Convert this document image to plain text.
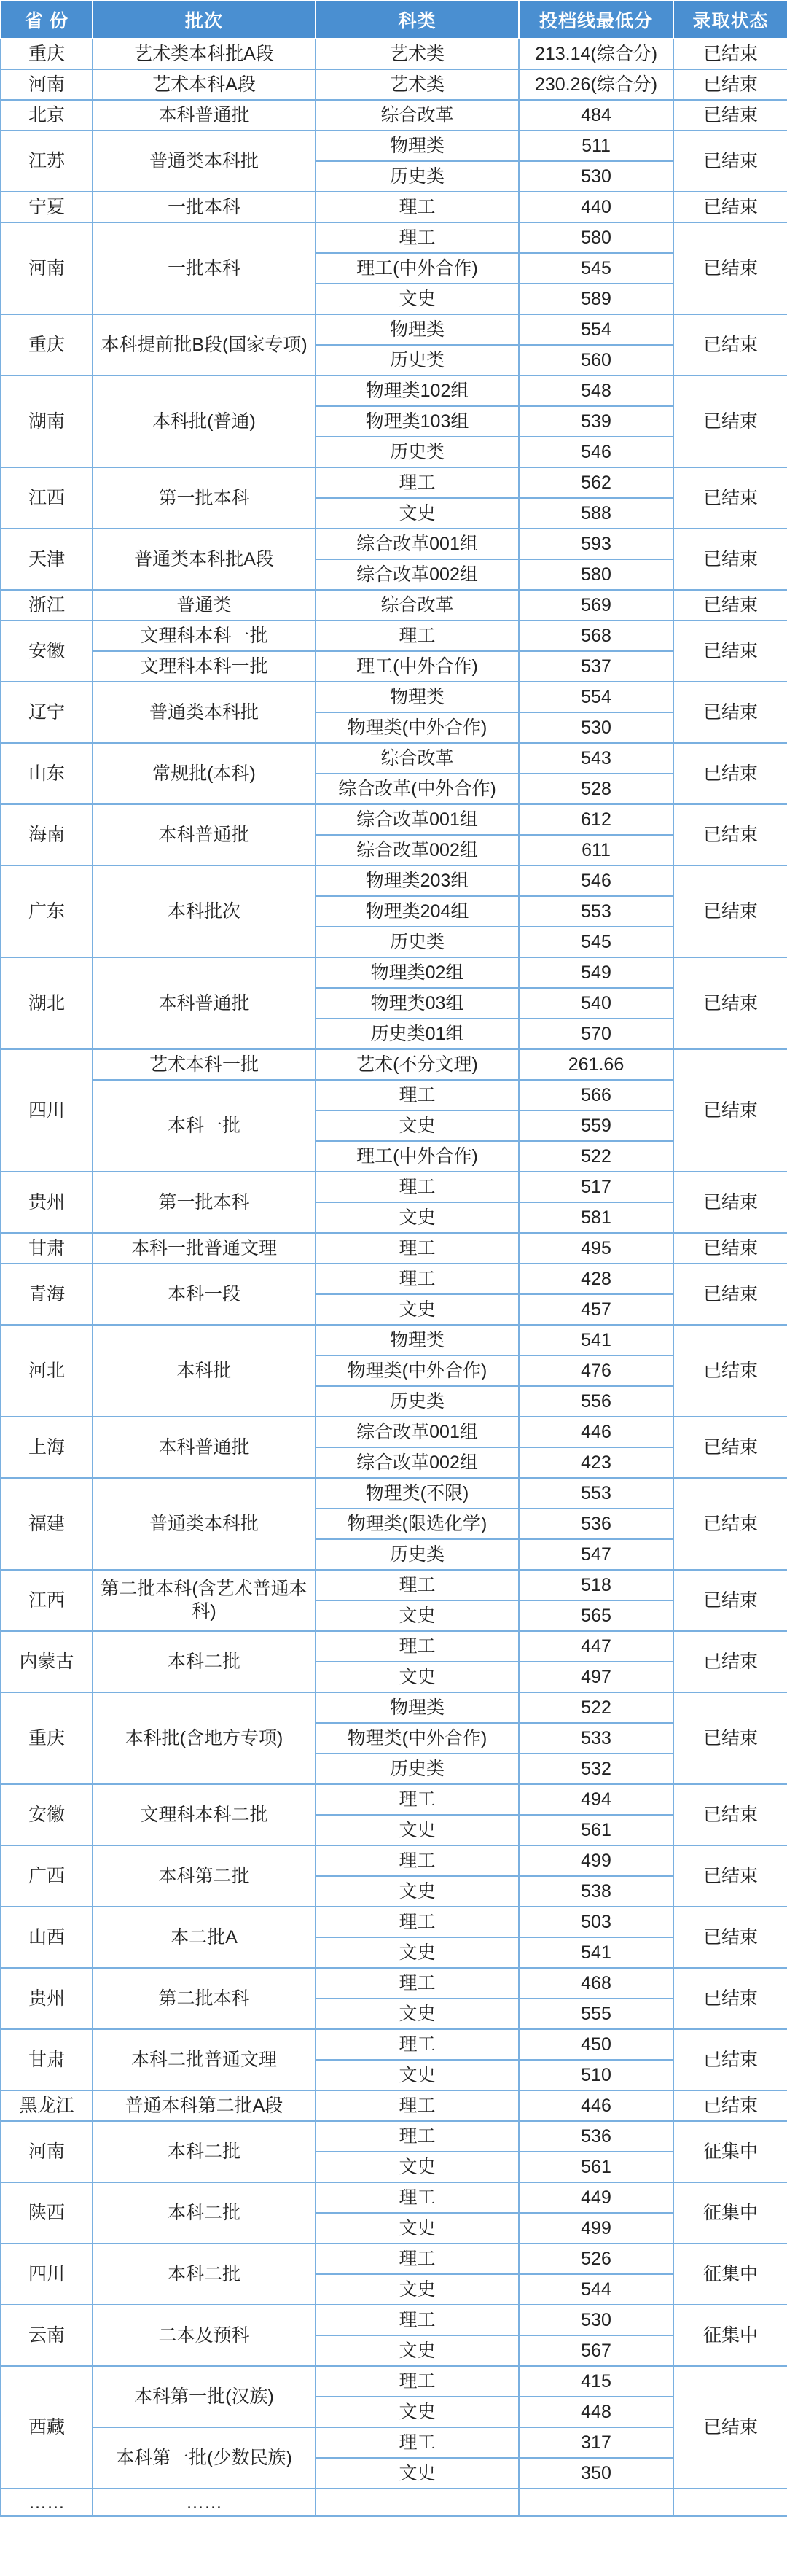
省 份	批次	科类	投档线最低分	录取状态
重庆	艺术类本科批A段	艺术类	213.14(综合分)	已结束
河南	艺术本科A段	艺术类	230.26(综合分)	已结束
北京	本科普通批	综合改革	484	已结束
江苏	普通类本科批	物理类	511	已结束
		历史类	530	
宁夏	一批本科	理工	440	已结束
河南	一批本科	理工	580	已结束
		理工(中外合作)	545	
		文史	589	
重庆	本科提前批B段(国家专项)	物理类	554	已结束
		历史类	560	
湖南	本科批(普通)	物理类102组	548	已结束
		物理类103组	539	
		历史类	546	
江西	第一批本科	理工	562	已结束
		文史	588	
天津	普通类本科批A段	综合改革001组	593	已结束
		综合改革002组	580	
浙江	普通类	综合改革	569	已结束
安徽	文理科本科一批	理工	568	已结束
	文理科本科一批	理工(中外合作)	537	
辽宁	普通类本科批	物理类	554	已结束
		物理类(中外合作)	530	
山东	常规批(本科)	综合改革	543	已结束
		综合改革(中外合作)	528	
海南	本科普通批	综合改革001组	612	已结束
		综合改革002组	611	
广东	本科批次	物理类203组	546	已结束
		物理类204组	553	
		历史类	545	
湖北	本科普通批	物理类02组	549	已结束
		物理类03组	540	
		历史类01组	570	
四川	艺术本科一批	艺术(不分文理)	261.66	已结束
	本科一批	理工	566	
		文史	559	
		理工(中外合作)	522	
贵州	第一批本科	理工	517	已结束
		文史	581	
甘肃	本科一批普通文理	理工	495	已结束
青海	本科一段	理工	428	已结束
		文史	457	
河北	本科批	物理类	541	已结束
		物理类(中外合作)	476	
		历史类	556	
上海	本科普通批	综合改革001组	446	已结束
		综合改革002组	423	
福建	普通类本科批	物理类(不限)	553	已结束
		物理类(限选化学)	536	
		历史类	547	
江西	第二批本科(含艺术普通本科)	理工	518	已结束
		文史	565	
内蒙古	本科二批	理工	447	已结束
		文史	497	
重庆	本科批(含地方专项)	物理类	522	已结束
		物理类(中外合作)	533	
		历史类	532	
安徽	文理科本科二批	理工	494	已结束
		文史	561	
广西	本科第二批	理工	499	已结束
		文史	538	
山西	本二批A	理工	503	已结束
		文史	541	
贵州	第二批本科	理工	468	已结束
		文史	555	
甘肃	本科二批普通文理	理工	450	已结束
		文史	510	
黑龙江	普通本科第二批A段	理工	446	已结束
河南	本科二批	理工	536	征集中
		文史	561	
陕西	本科二批	理工	449	征集中
		文史	499	
四川	本科二批	理工	526	征集中
		文史	544	
云南	二本及预科	理工	530	征集中
		文史	567	
西藏	本科第一批(汉族)	理工	415	已结束
		文史	448	
	本科第一批(少数民族)	理工	317	
		文史	350	
……	……			
